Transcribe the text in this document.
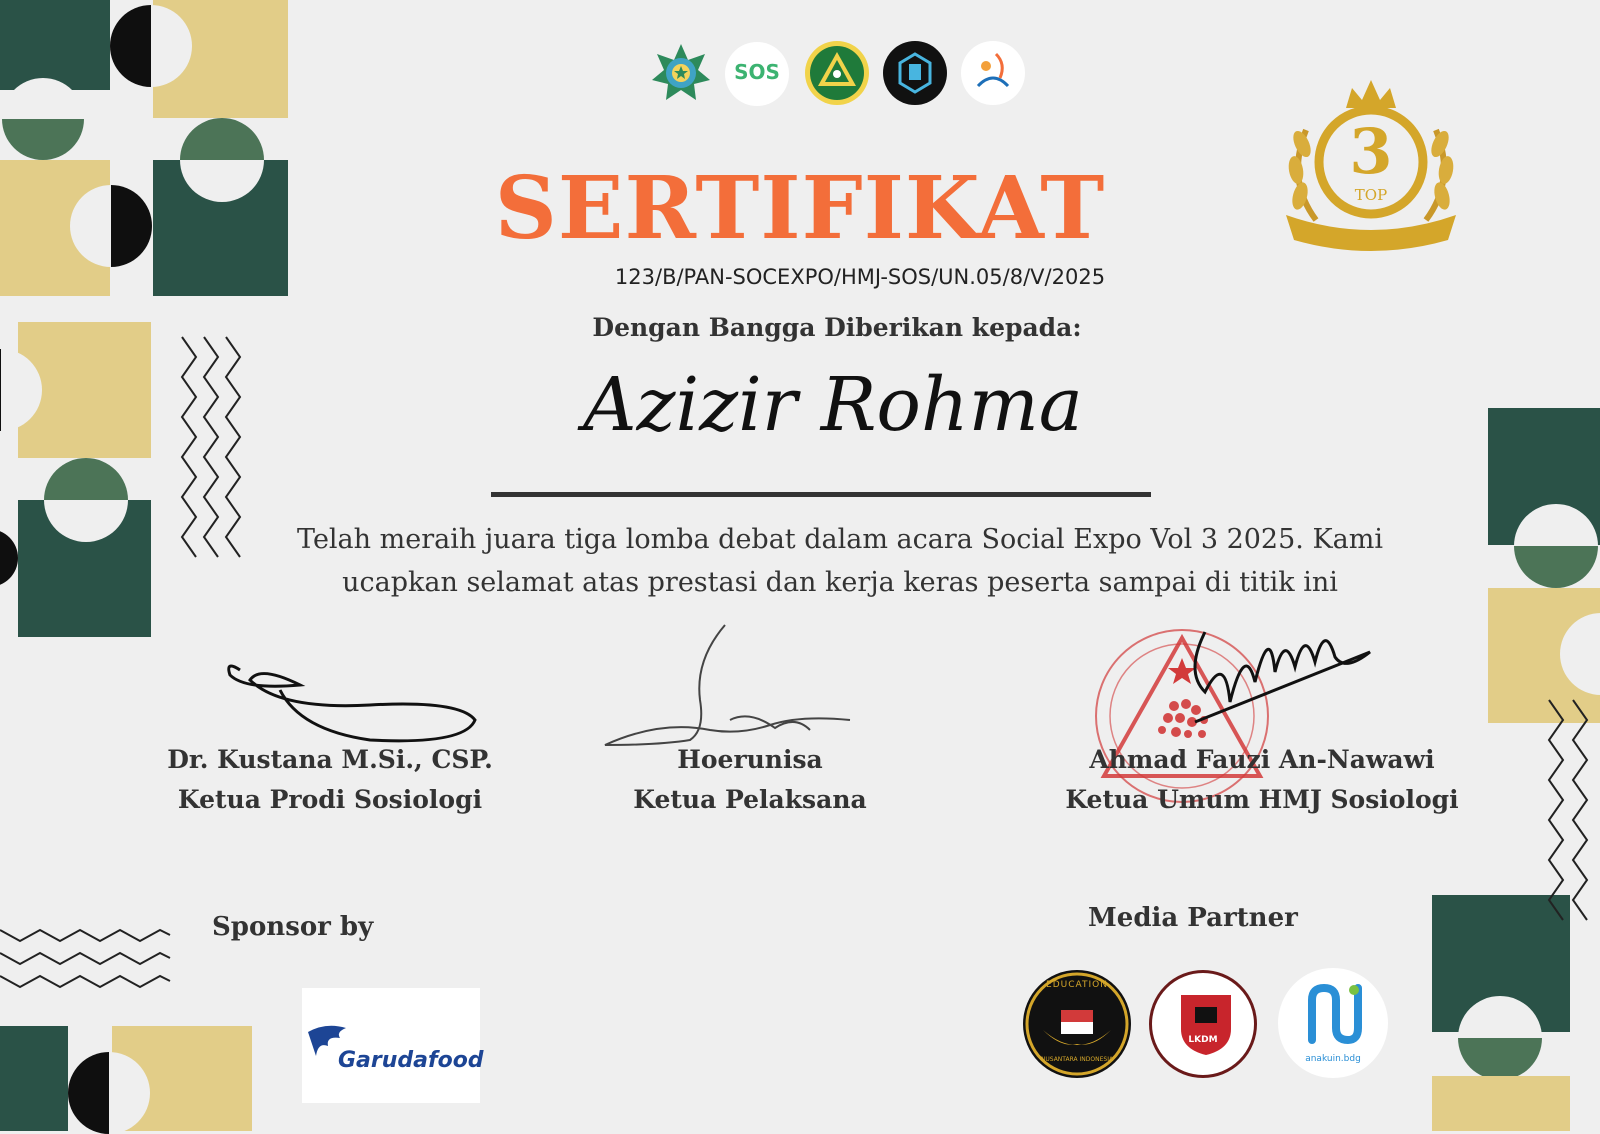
SOS
SERTIFIKAT
123/B/PAN-SOCEXPO/HMJ-SOS/UN.05/8/V/2025
3
TOP
Dengan Bangga Diberikan kepada:
Azizir Rohma
Telah meraih juara tiga lomba debat dalam acara Social Expo Vol 3 2025. Kami ucapkan selamat atas prestasi dan kerja keras peserta sampai di titik ini
Dr. Kustana M.Si., CSP.
Ketua Prodi Sosiologi
Hoerunisa
Ketua Pelaksana
Ahmad Fauzi An-Nawawi
Ketua Umum HMJ Sosiologi
Sponsor by
Garudafood
Media Partner
EDUCATION
NUSANTARA INDONESIA
LKDM
anakuin.bdg
